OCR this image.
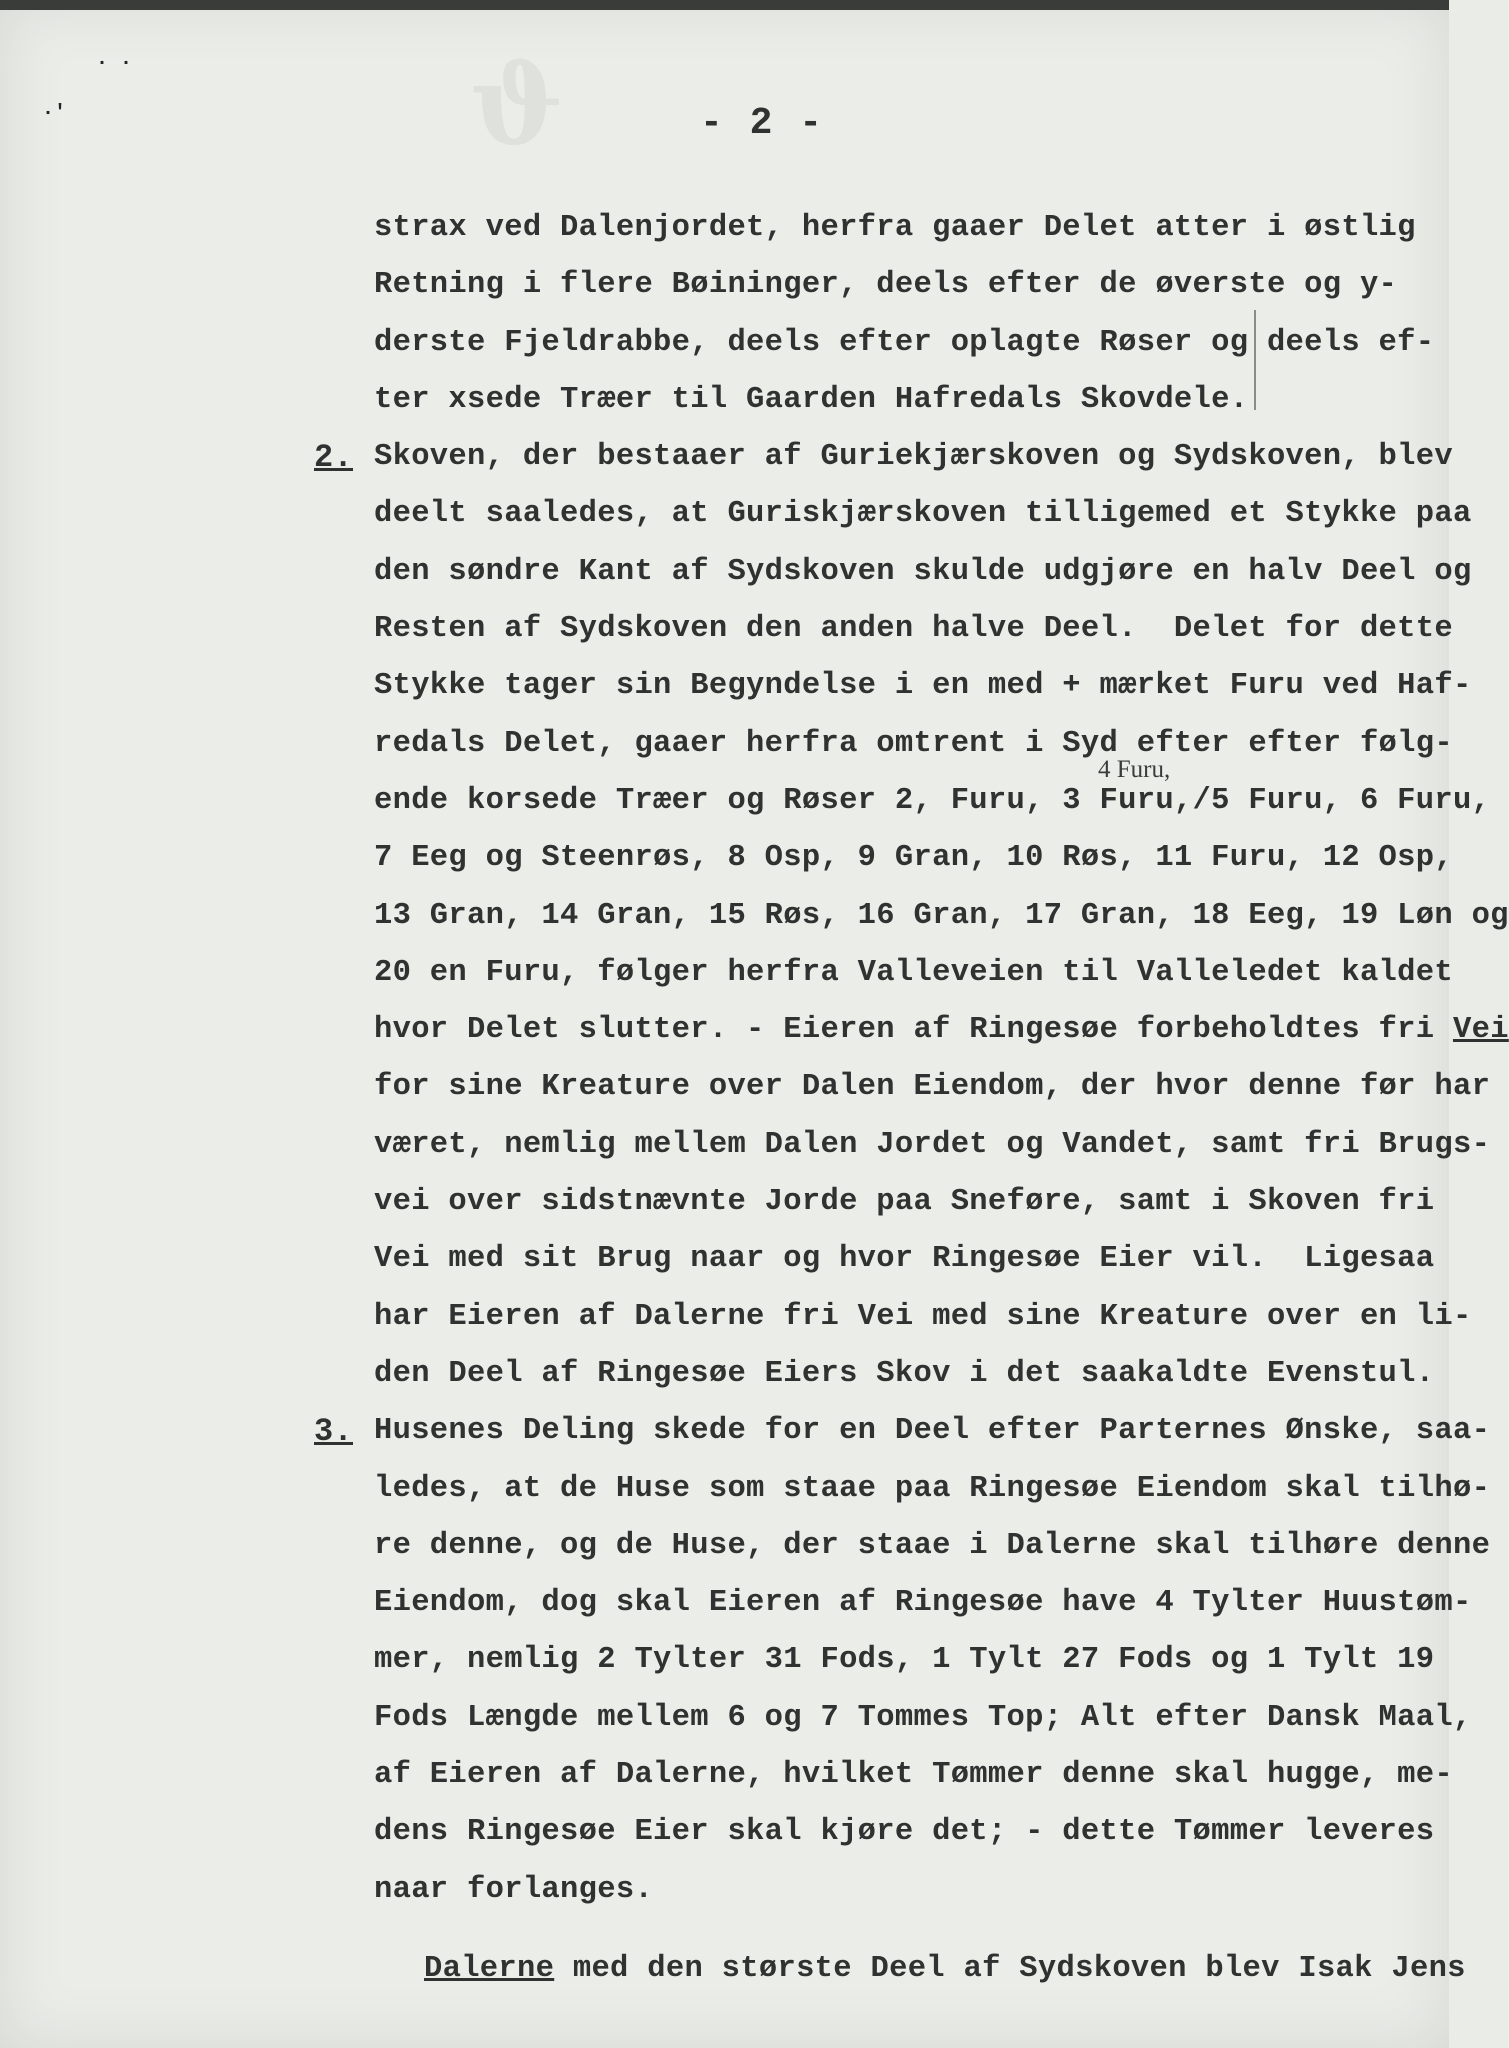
ϑ
· ·
·'	- 2 -
4 Furu,
strax ved Dalenjordet, herfra gaaer Delet atter i østlig
Retning i flere Bøininger, deels efter de øverste og y-
derste Fjeldrabbe, deels efter oplagte Røser og deels ef-
ter xsede Træer til Gaarden Hafredals Skovdele.
2. Skoven, der bestaaer af Guriekjærskoven og Sydskoven, blev
deelt saaledes, at Guriskjærskoven tilligemed et Stykke paa
den søndre Kant af Sydskoven skulde udgjøre en halv Deel og
Resten af Sydskoven den anden halve Deel.  Delet for dette
Stykke tager sin Begyndelse i en med + mærket Furu ved Haf-
redals Delet, gaaer herfra omtrent i Syd efter efter følg-
ende korsede Træer og Røser 2, Furu, 3 Furu,/5 Furu, 6 Furu,
7 Eeg og Steenrøs, 8 Osp, 9 Gran, 10 Røs, 11 Furu, 12 Osp,
13 Gran, 14 Gran, 15 Røs, 16 Gran, 17 Gran, 18 Eeg, 19 Løn og
20 en Furu, følger herfra Valleveien til Valleledet kaldet
hvor Delet slutter. - Eieren af Ringesøe forbeholdtes fri Vei
for sine Kreature over Dalen Eiendom, der hvor denne før har
været, nemlig mellem Dalen Jordet og Vandet, samt fri Brugs-
vei over sidstnævnte Jorde paa Sneføre, samt i Skoven fri
Vei med sit Brug naar og hvor Ringesøe Eier vil.  Ligesaa
har Eieren af Dalerne fri Vei med sine Kreature over en li-
den Deel af Ringesøe Eiers Skov i det saakaldte Evenstul.
3. Husenes Deling skede for en Deel efter Parternes Ønske, saa-
ledes, at de Huse som staae paa Ringesøe Eiendom skal tilhø-
re denne, og de Huse, der staae i Dalerne skal tilhøre denne
Eiendom, dog skal Eieren af Ringesøe have 4 Tylter Huustøm-
mer, nemlig 2 Tylter 31 Fods, 1 Tylt 27 Fods og 1 Tylt 19
Fods Længde mellem 6 og 7 Tommes Top; Alt efter Dansk Maal,
af Eieren af Dalerne, hvilket Tømmer denne skal hugge, me-
dens Ringesøe Eier skal kjøre det; - dette Tømmer leveres
naar forlanges.
Dalerne med den største Deel af Sydskoven blev Isak Jens
